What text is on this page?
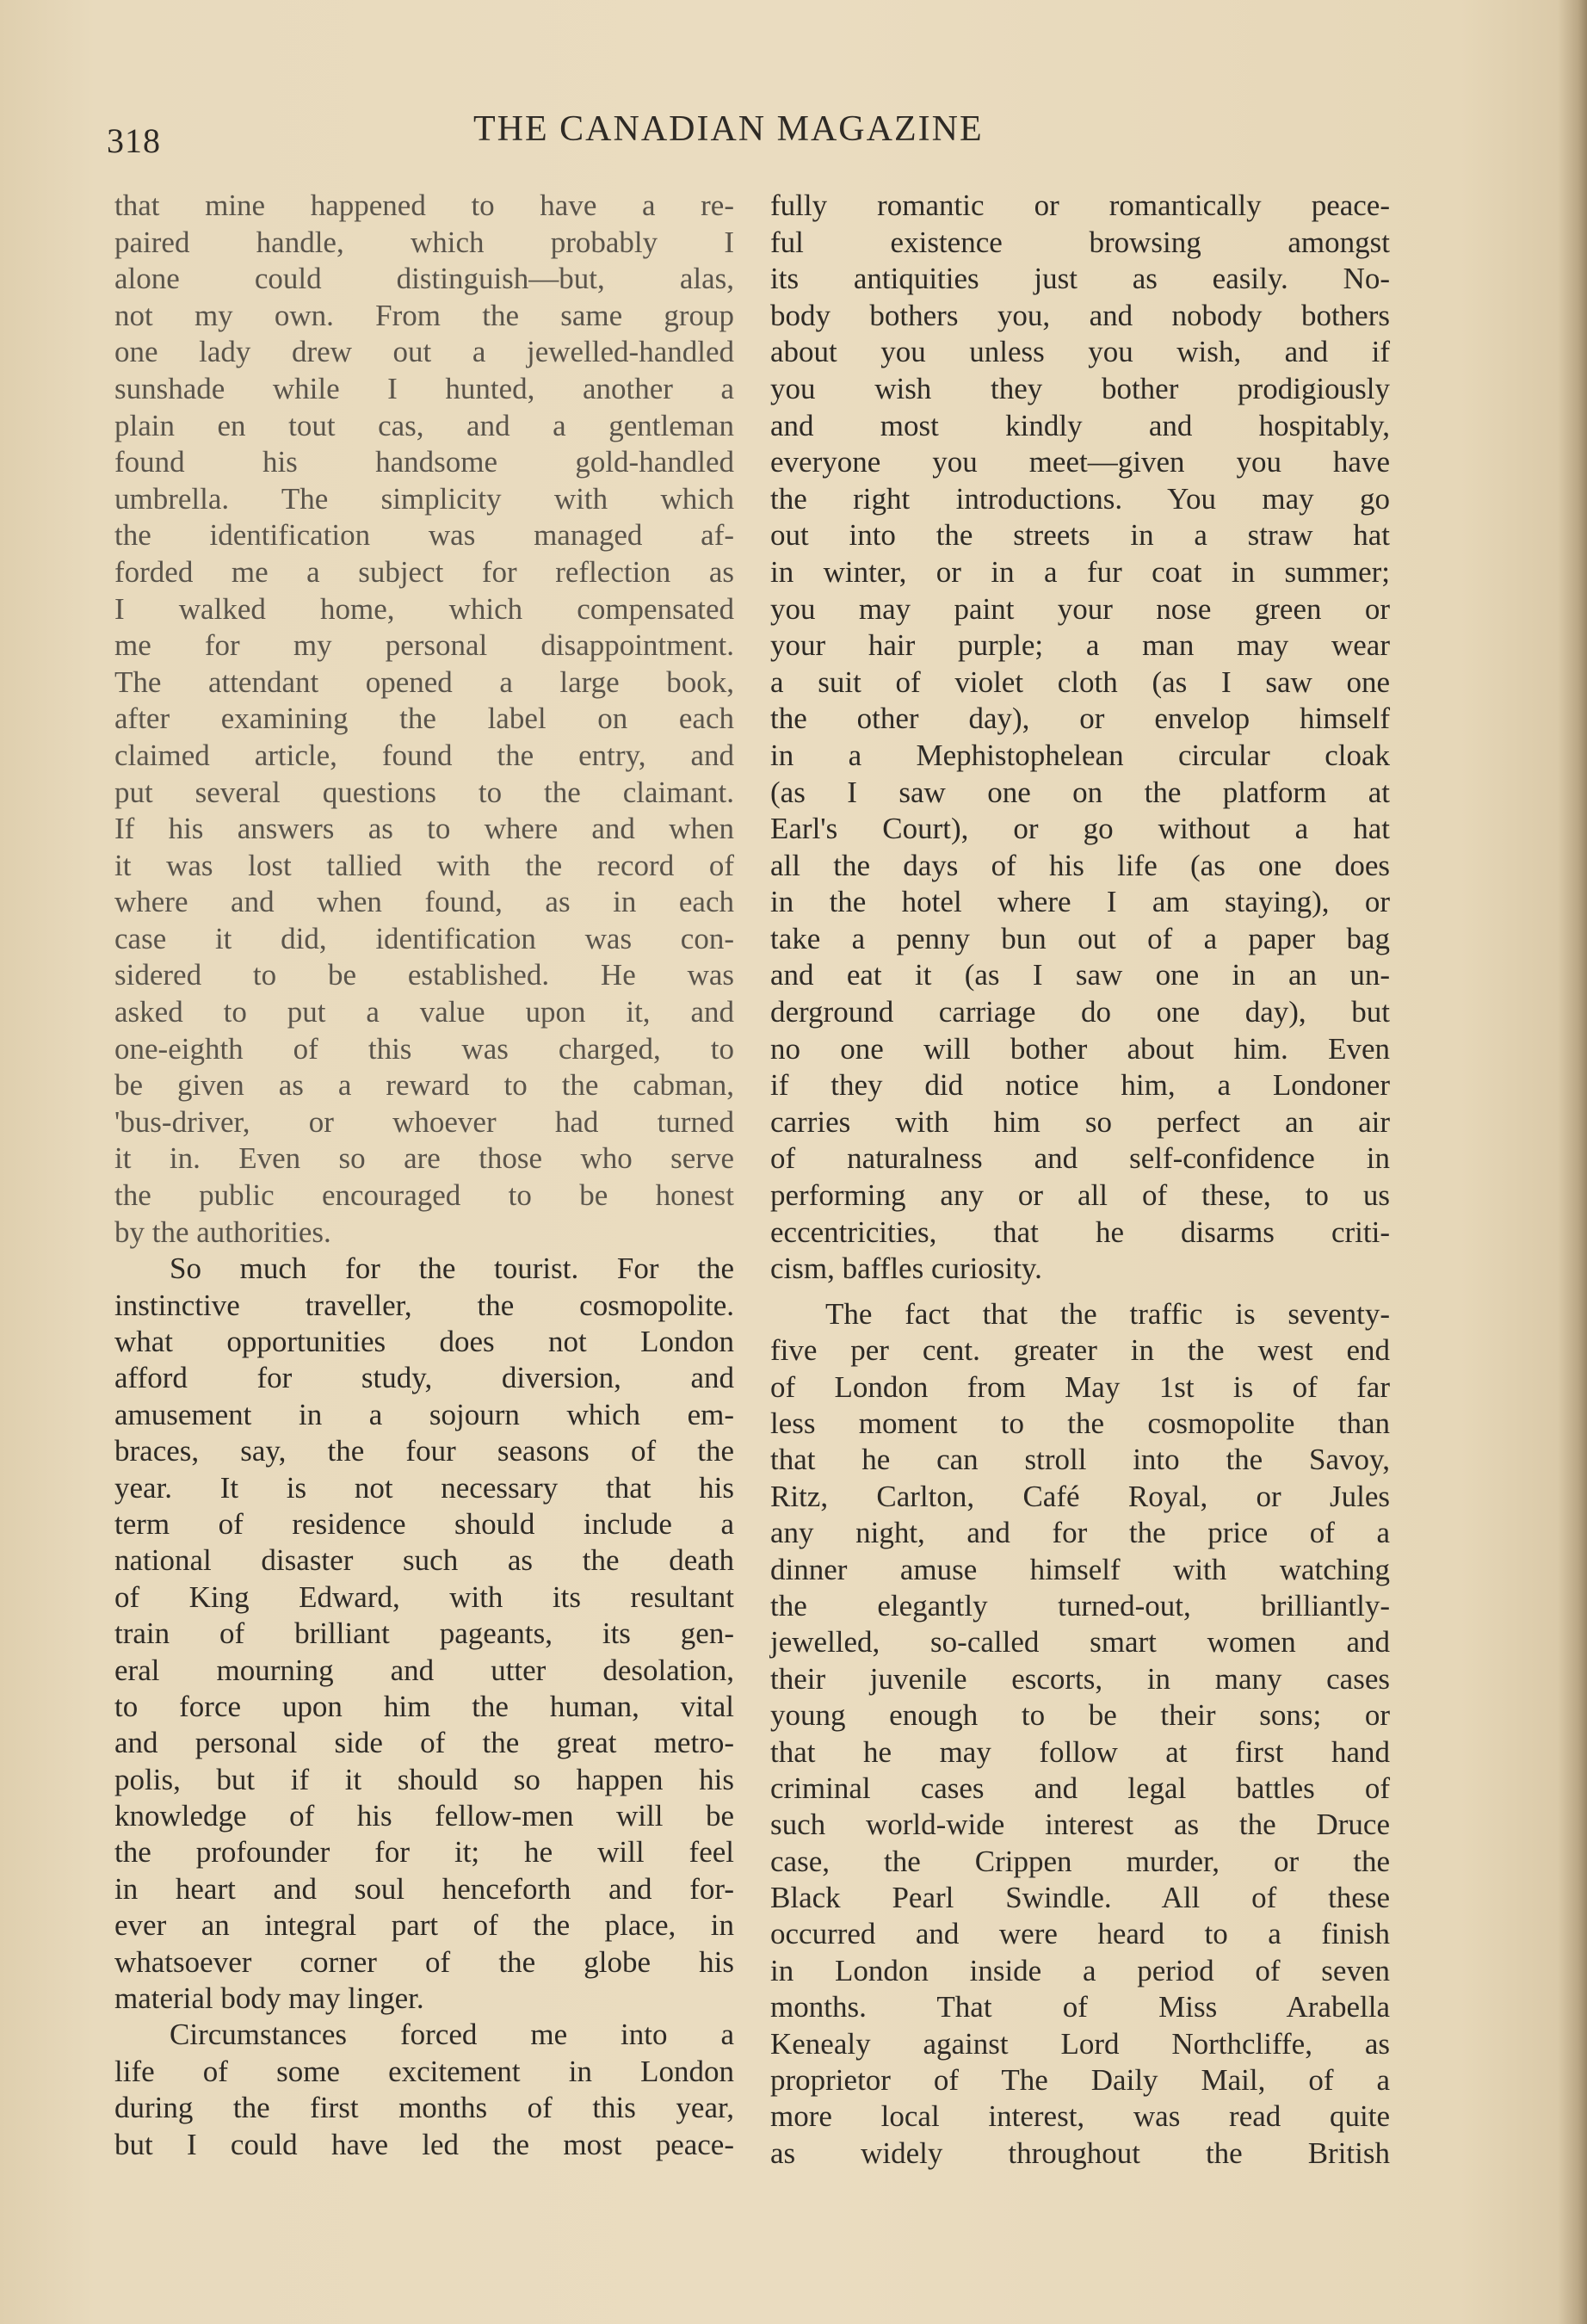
318	THE CANADIAN MAGAZINE
that mine happened to have a re-
paired handle, which probably I
alone could distinguish—but, alas,
not my own. From the same group
one lady drew out a jewelled-handled
sunshade while I hunted, another a
plain en tout cas, and a gentleman
found his handsome gold-handled
umbrella. The simplicity with which
the identification was managed af-
forded me a subject for reflection as
I walked home, which compensated
me for my personal disappointment.
The attendant opened a large book,
after examining the label on each
claimed article, found the entry, and
put several questions to the claimant.
If his answers as to where and when
it was lost tallied with the record of
where and when found, as in each
case it did, identification was con-
sidered to be established. He was
asked to put a value upon it, and
one-eighth of this was charged, to
be given as a reward to the cabman,
'bus-driver, or whoever had turned
it in. Even so are those who serve
the public encouraged to be honest
by the authorities.
So much for the tourist. For the
instinctive traveller, the cosmopolite.
what opportunities does not London
afford for study, diversion, and
amusement in a sojourn which em-
braces, say, the four seasons of the
year. It is not necessary that his
term of residence should include a
national disaster such as the death
of King Edward, with its resultant
train of brilliant pageants, its gen-
eral mourning and utter desolation,
to force upon him the human, vital
and personal side of the great metro-
polis, but if it should so happen his
knowledge of his fellow-men will be
the profounder for it; he will feel
in heart and soul henceforth and for-
ever an integral part of the place, in
whatsoever corner of the globe his
material body may linger.
Circumstances forced me into a
life of some excitement in London
during the first months of this year,
but I could have led the most peace-
fully romantic or romantically peace-
ful existence browsing amongst
its antiquities just as easily. No-
body bothers you, and nobody bothers
about you unless you wish, and if
you wish they bother prodigiously
and most kindly and hospitably,
everyone you meet—given you have
the right introductions. You may go
out into the streets in a straw hat
in winter, or in a fur coat in summer;
you may paint your nose green or
your hair purple; a man may wear
a suit of violet cloth (as I saw one
the other day), or envelop himself
in a Mephistophelean circular cloak
(as I saw one on the platform at
Earl's Court), or go without a hat
all the days of his life (as one does
in the hotel where I am staying), or
take a penny bun out of a paper bag
and eat it (as I saw one in an un-
derground carriage do one day), but
no one will bother about him. Even
if they did notice him, a Londoner
carries with him so perfect an air
of naturalness and self-confidence in
performing any or all of these, to us
eccentricities, that he disarms criti-
cism, baffles curiosity.
The fact that the traffic is seventy-
five per cent. greater in the west end
of London from May 1st is of far
less moment to the cosmopolite than
that he can stroll into the Savoy,
Ritz, Carlton, Café Royal, or Jules
any night, and for the price of a
dinner amuse himself with watching
the elegantly turned-out, brilliantly-
jewelled, so-called smart women and
their juvenile escorts, in many cases
young enough to be their sons; or
that he may follow at first hand
criminal cases and legal battles of
such world-wide interest as the Druce
case, the Crippen murder, or the
Black Pearl Swindle. All of these
occurred and were heard to a finish
in London inside a period of seven
months. That of Miss Arabella
Kenealy against Lord Northcliffe, as
proprietor of The Daily Mail, of a
more local interest, was read quite
as widely throughout the British
